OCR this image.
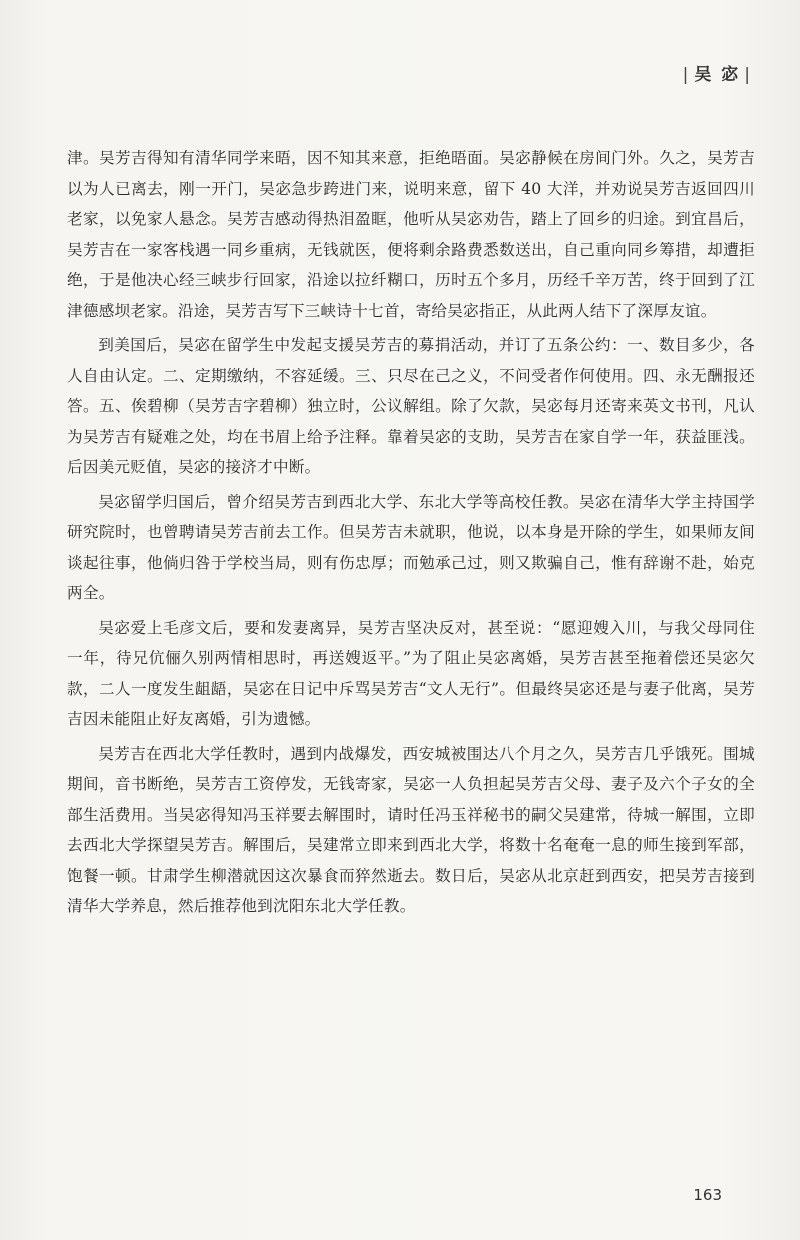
| 吴 宓 |

津。吴芳吉得知有清华同学来晤，因不知其来意，拒绝晤面。吴宓静候在房间门外。久之，吴芳吉以为人已离去，刚一开门，吴宓急步跨进门来，说明来意，留下 40 大洋，并劝说吴芳吉返回四川老家，以免家人悬念。吴芳吉感动得热泪盈眶，他听从吴宓劝告，踏上了回乡的归途。到宜昌后，吴芳吉在一家客栈遇一同乡重病，无钱就医，便将剩余路费悉数送出，自己重向同乡筹措，却遭拒绝，于是他决心经三峡步行回家，沿途以拉纤糊口，历时五个多月，历经千辛万苦，终于回到了江津德感坝老家。沿途，吴芳吉写下三峡诗十七首，寄给吴宓指正，从此两人结下了深厚友谊。

到美国后，吴宓在留学生中发起支援吴芳吉的募捐活动，并订了五条公约：一、数目多少，各人自由认定。二、定期缴纳，不容延缓。三、只尽在己之义，不问受者作何使用。四、永无酬报还答。五、俟碧柳（吴芳吉字碧柳）独立时，公议解组。除了欠款，吴宓每月还寄来英文书刊，凡认为吴芳吉有疑难之处，均在书眉上给予注释。靠着吴宓的支助，吴芳吉在家自学一年，获益匪浅。后因美元贬值，吴宓的接济才中断。

吴宓留学归国后，曾介绍吴芳吉到西北大学、东北大学等高校任教。吴宓在清华大学主持国学研究院时，也曾聘请吴芳吉前去工作。但吴芳吉未就职，他说，以本身是开除的学生，如果师友间谈起往事，他倘归咎于学校当局，则有伤忠厚；而勉承己过，则又欺骗自己，惟有辞谢不赴，始克两全。

吴宓爱上毛彦文后，要和发妻离异，吴芳吉坚决反对，甚至说：“愿迎嫂入川，与我父母同住一年，待兄伉俪久别两情相思时，再送嫂返平。”为了阻止吴宓离婚，吴芳吉甚至拖着偿还吴宓欠款，二人一度发生龃龉，吴宓在日记中斥骂吴芳吉“文人无行”。但最终吴宓还是与妻子仳离，吴芳吉因未能阻止好友离婚，引为遗憾。

吴芳吉在西北大学任教时，遇到内战爆发，西安城被围达八个月之久，吴芳吉几乎饿死。围城期间，音书断绝，吴芳吉工资停发，无钱寄家，吴宓一人负担起吴芳吉父母、妻子及六个子女的全部生活费用。当吴宓得知冯玉祥要去解围时，请时任冯玉祥秘书的嗣父吴建常，待城一解围，立即去西北大学探望吴芳吉。解围后，吴建常立即来到西北大学，将数十名奄奄一息的师生接到军部，饱餐一顿。甘肃学生柳潜就因这次暴食而猝然逝去。数日后，吴宓从北京赶到西安，把吴芳吉接到清华大学养息，然后推荐他到沈阳东北大学任教。

163
